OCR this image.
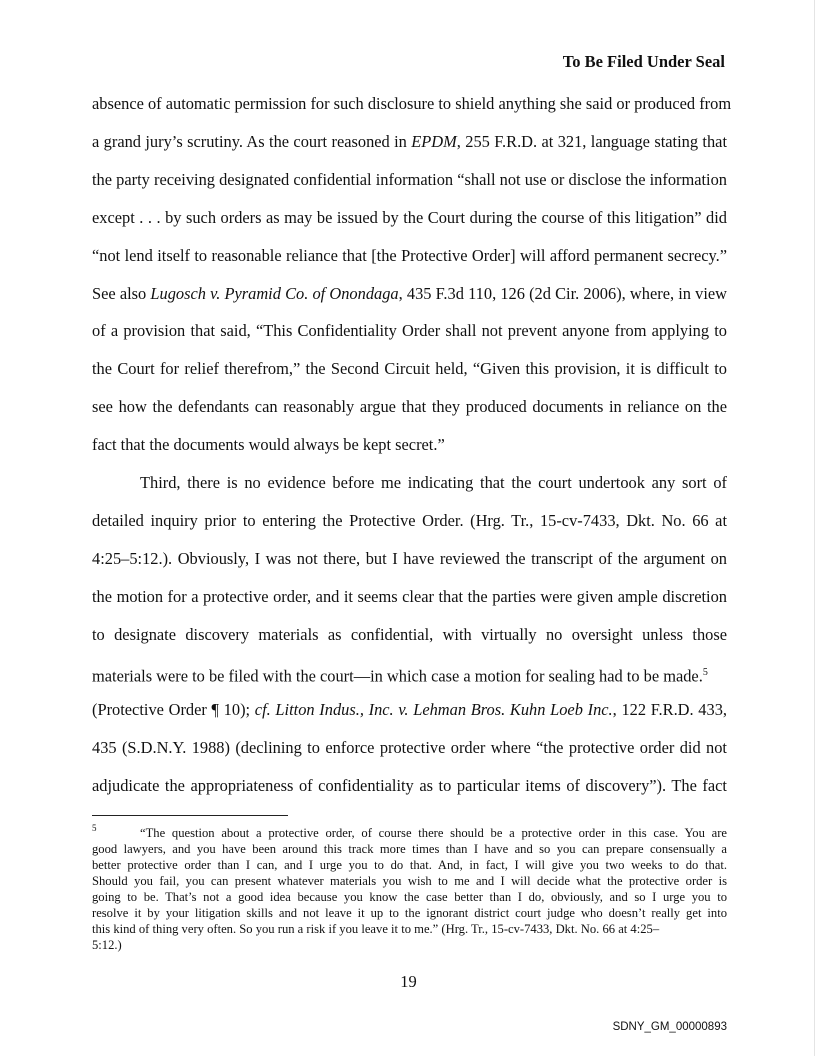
To Be Filed Under Seal
absence of automatic permission for such disclosure to shield anything she said or produced from
a grand jury’s scrutiny. As the court reasoned in EPDM, 255 F.R.D. at 321, language stating that
the party receiving designated confidential information “shall not use or disclose the information
except . . . by such orders as may be issued by the Court during the course of this litigation” did
“not lend itself to reasonable reliance that [the Protective Order] will afford permanent secrecy.”
See also Lugosch v. Pyramid Co. of Onondaga, 435 F.3d 110, 126 (2d Cir. 2006), where, in view
of a provision that said, “This Confidentiality Order shall not prevent anyone from applying to
the Court for relief therefrom,” the Second Circuit held, “Given this provision, it is difficult to
see how the defendants can reasonably argue that they produced documents in reliance on the
fact that the documents would always be kept secret.”
Third, there is no evidence before me indicating that the court undertook any sort of
detailed inquiry prior to entering the Protective Order. (Hrg. Tr., 15-cv-7433, Dkt. No. 66 at
4:25–5:12.). Obviously, I was not there, but I have reviewed the transcript of the argument on
the motion for a protective order, and it seems clear that the parties were given ample discretion
to designate discovery materials as confidential, with virtually no oversight unless those
materials were to be filed with the court—in which case a motion for sealing had to be made.$^5$
(Protective Order ¶ 10); cf. Litton Indus., Inc. v. Lehman Bros. Kuhn Loeb Inc., 122 F.R.D. 433,
435 (S.D.N.Y. 1988) (declining to enforce protective order where “the protective order did not
adjudicate the appropriateness of confidentiality as to particular items of discovery”). The fact
“The question about a protective order, of course there should be a protective order in this case. You are
good lawyers, and you have been around this track more times than I have and so you can prepare consensually a
better protective order than I can, and I urge you to do that. And, in fact, I will give you two weeks to do that.
Should you fail, you can present whatever materials you wish to me and I will decide what the protective order is
going to be. That’s not a good idea because you know the case better than I do, obviously, and so I urge you to
resolve it by your litigation skills and not leave it up to the ignorant district court judge who doesn’t really get into
this kind of thing very often. So you run a risk if you leave it to me.” (Hrg. Tr., 15-cv-7433, Dkt. No. 66 at 4:25–
5:12.)
5
19
SDNY_GM_00000893
